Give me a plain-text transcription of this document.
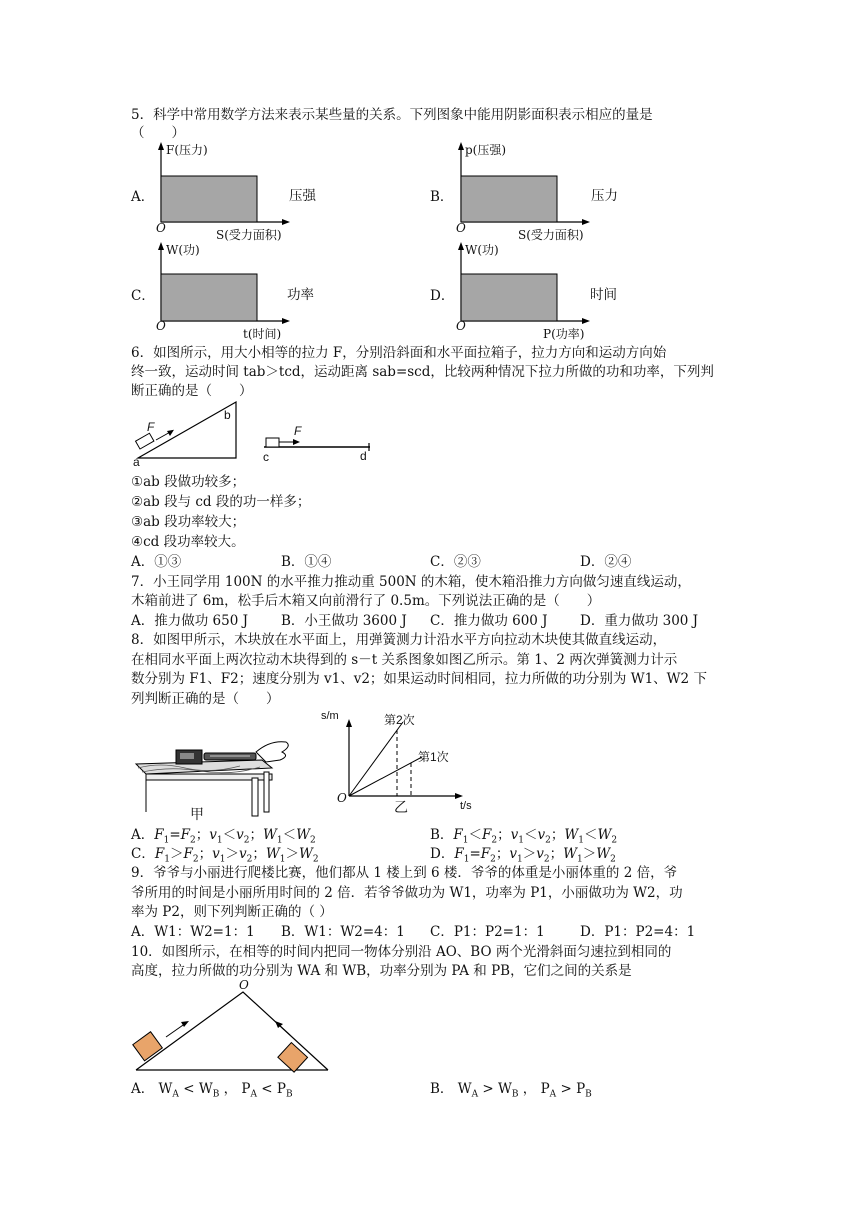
5．科学中常用数学方法来表示某些量的关系。下列图象中能用阴影面积表示相应的量是
（　　）
A．
F(压力)
O	S(受力面积)
压强	B．
p(压强)
O	S(受力面积)
压力
C．
W(功)
O
t(时间)
功率	D．
W(功)
O
P(功率)
时间
6．如图所示，用大小相等的拉力 F，分别沿斜面和水平面拉箱子，拉力方向和运动方向始
终一致，运动时间 tab＞tcd，运动距离 sab=scd，比较两种情况下拉力所做的功和功率，下列判
断正确的是（　　）
F
b
a
F
c	d
①ab 段做功较多；
②ab 段与 cd 段的功一样多；
③ab 段功率较大；
④cd 段功率较大。
A．①③	B．①④	C．②③	D．②④
7．小王同学用 100N 的水平推力推动重 500N 的木箱，使木箱沿推力方向做匀速直线运动，
木箱前进了 6m，松手后木箱又向前滑行了 0.5m。下列说法正确的是（　　）
A．推力做功 650 J B．小王做功 3600 J C．推力做功 600 J D．重力做功 300 J
8．如图甲所示，木块放在水平面上，用弹簧测力计沿水平方向拉动木块使其做直线运动，
在相同水平面上两次拉动木块得到的 s－t 关系图象如图乙所示。第 1、2 两次弹簧测力计示
数分别为 F1、F2；速度分别为 v1、v2；如果运动时间相同，拉力所做的功分别为 W1、W2 下
列判断正确的是（　　）
甲
s/m	第2次
第1次
O
乙	t/s
A．$F_1=F_2$；$v_1<v_2$；$W_1<W_2$	B．$F_1<F_2$；$v_1<v_2$；$W_1<W_2$
C．$F_1>F_2$；$v_1>v_2$；$W_1>W_2$	D．$F_1=F_2$；$v_1>v_2$；$W_1>W_2$
9．爷爷与小丽进行爬楼比赛，他们都从 1 楼上到 6 楼．爷爷的体重是小丽体重的 2 倍，爷
爷所用的时间是小丽所用时间的 2 倍．若爷爷做功为 W1，功率为 P1，小丽做功为 W2，功
率为 P2，则下列判断正确的（ ）
A．W1：W2=1：1 B．W1：W2=4：1 C．P1：P2=1：1	D．P1：P2=4：1
10．如图所示，在相等的时间内把同一物体分别沿 AO、BO 两个光滑斜面匀速拉到相同的
高度，拉力所做的功分别为 WA 和 WB，功率分别为 PA 和 PB，它们之间的关系是
O
A． $W_A < W_B$ ， $P_A < P_B$	B． $W_A > W_B$ ， $P_A > P_B$
